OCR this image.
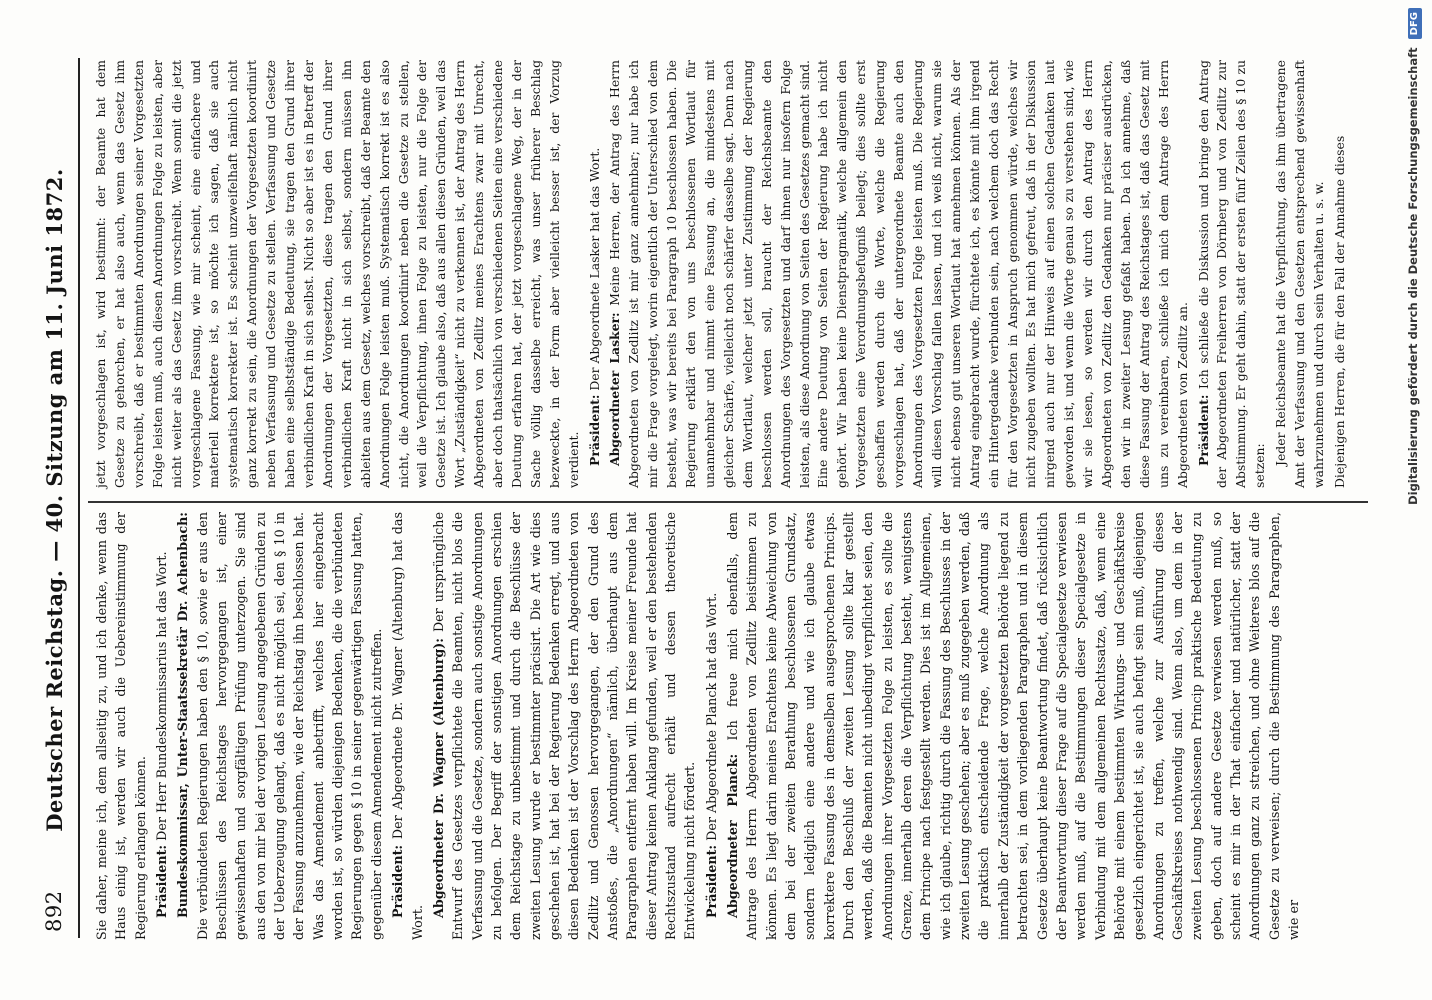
892
Deutscher Reichstag. — 40. Sitzung am 11. Juni 1872. Sie daher, meine ich, dem allseitig zu, und ich denke, wenn das Haus einig ist, werden wir auch die Uebereinstimmung der Regierung erlangen können. Präsident: Der Herr Bundeskommissarius hat das Wort. Bundeskommissar, Unter-Staatssekretär Dr. Achenbach: Die verbündeten Regierungen haben den § 10, sowie er aus den Beschlüssen des Reichstages hervorgegangen ist, einer gewissenhaften und sorgfältigen Prüfung unterzogen. Sie sind aus den von mir bei der vorigen Lesung angegebenen Gründen zu der Ueberzeugung gelangt, daß es nicht möglich sei, den § 10 in der Fassung anzunehmen, wie der Reichstag ihn beschlossen hat. Was das Amendement anbetrifft, welches hier eingebracht worden ist, so würden diejenigen Bedenken, die die verbündeten Regierungen gegen § 10 in seiner gegenwärtigen Fassung hatten, gegenüber diesem Amendement nicht zutreffen. Präsident: Der Abgeordnete Dr. Wagner (Altenburg) hat das Wort.

Abgeordneter Dr. Wagner (Altenburg): Der ursprüngliche Entwurf des Gesetzes verpflichtete die Beamten, nicht blos die Verfassung und die Gesetze, sondern auch sonstige Anordnungen zu befolgen. Der Begriff der sonstigen Anordnungen erschien dem Reichstage zu unbestimmt und durch die Beschlüsse der zweiten Lesung wurde er bestimmter präcisirt. Die Art wie dies geschehen ist, hat bei der Regierung Bedenken erregt, und aus diesen Bedenken ist der Vorschlag des Herrn Abgeordneten von Zedlitz und Genossen hervorgegangen, der den Grund des Anstoßes, die „Anordnungen“ nämlich, überhaupt aus dem Paragraphen entfernt haben will. Im Kreise meiner Freunde hat dieser Antrag keinen Anklang gefunden, weil er den bestehenden Rechtszustand aufrecht erhält und dessen theoretische Entwickelung nicht fördert. Präsident: Der Abgeordnete Planck hat das Wort. Abgeordneter Planck: Ich freue mich ebenfalls, dem Antrage des Herrn Abgeordneten von Zedlitz beistimmen zu können. Es liegt darin meines Erachtens keine Abweichung von dem bei der zweiten Berathung beschlossenen Grundsatz, sondern lediglich eine andere und wie ich glaube etwas korrektere Fassung des in demselben ausgesprochenen Princips. Durch den Beschluß der zweiten Lesung sollte klar gestellt werden, daß die Beamten nicht unbedingt verpflichtet seien, den Anordnungen ihrer Vorgesetzten Folge zu leisten, es sollte die Grenze, innerhalb deren die Verpflichtung besteht, wenigstens dem Principe nach festgestellt werden. Dies ist im Allgemeinen, wie ich glaube, richtig durch die Fassung des Beschlusses in der zweiten Lesung geschehen; aber es muß zugegeben werden, daß die praktisch entscheidende Frage, welche Anordnung als innerhalb der Zuständigkeit der vorgesetzten Behörde liegend zu betrachten sei, in dem vorliegenden Paragraphen und in diesem Gesetze überhaupt keine Beantwortung findet, daß rücksichtlich der Beantwortung dieser Frage auf die Specialgesetze verwiesen werden muß, auf die Bestimmungen dieser Specialgesetze in Verbindung mit dem allgemeinen Rechtssatze, daß, wenn eine Behörde mit einem bestimmten Wirkungs- und Geschäftskreise gesetzlich eingerichtet ist, sie auch befugt sein muß, diejenigen Anordnungen zu treffen, welche zur Ausführung dieses Geschäftskreises nothwendig sind. Wenn also, um dem in der zweiten Lesung beschlossenen Princip praktische Bedeutung zu geben, doch auf andere Gesetze verwiesen werden muß, so scheint es mir in der That einfacher und natürlicher, statt der Anordnungen ganz zu streichen, und ohne Weiteres blos auf die Gesetze zu verweisen; durch die Bestimmung des Paragraphen, wie er

jetzt vorgeschlagen ist, wird bestimmt: der Beamte hat dem Gesetze zu gehorchen, er hat also auch, wenn das Gesetz ihm vorschreibt, daß er bestimmten Anordnungen seiner Vorgesetzten Folge leisten muß, auch diesen Anordnungen Folge zu leisten, aber nicht weiter als das Gesetz ihm vorschreibt. Wenn somit die jetzt vorgeschlagene Fassung, wie mir scheint, eine einfachere und materiell korrektere ist, so möchte ich sagen, daß sie auch systematisch korrekter ist. Es scheint unzweifelhaft nämlich nicht ganz korrekt zu sein, die Anordnungen der Vorgesetzten koordinirt neben Verfassung und Gesetze zu stellen. Verfassung und Gesetze haben eine selbstständige Bedeutung, sie tragen den Grund ihrer verbindlichen Kraft in sich selbst. Nicht so aber ist es in Betreff der Anordnungen der Vorgesetzten, diese tragen den Grund ihrer verbindlichen Kraft nicht in sich selbst, sondern müssen ihn ableiten aus dem Gesetz, welches vorschreibt, daß der Beamte den Anordnungen Folge leisten muß. Systematisch korrekt ist es also nicht, die Anordnungen koordinirt neben die Gesetze zu stellen, weil die Verpflichtung, ihnen Folge zu leisten, nur die Folge der Gesetze ist. Ich glaube also, daß aus allen diesen Gründen, weil das Wort „Zuständigkeit“ nicht zu verkennen ist, der Antrag des Herrn Abgeordneten von Zedlitz meines Erachtens zwar mit Unrecht, aber doch thatsächlich von verschiedenen Seiten eine verschiedene Deutung erfahren hat, der jetzt vorgeschlagene Weg, der in der Sache völlig dasselbe erreicht, was unser früherer Beschlag bezweckte, in der Form aber vielleicht besser ist, der Vorzug verdient. Präsident: Der Abgeordnete Lasker hat das Wort. Abgeordneter Lasker: Meine Herren, der Antrag des Herrn Abgeordneten von Zedlitz ist mir ganz annehmbar; nur habe ich mir die Frage vorgelegt, worin eigentlich der Unterschied von dem besteht, was wir bereits bei Paragraph 10 beschlossen haben. Die Regierung erklärt den von uns beschlossenen Wortlaut für unannehmbar und nimmt eine Fassung an, die mindestens mit gleicher Schärfe, vielleicht noch schärfer dasselbe sagt. Denn nach dem Wortlaut, welcher jetzt unter Zustimmung der Regierung beschlossen werden soll, braucht der Reichsbeamte den Anordnungen des Vorgesetzten und darf ihnen nur insofern Folge leisten, als diese Anordnung von Seiten des Gesetzes gemacht sind. Eine andere Deutung von Seiten der Regierung habe ich nicht gehört. Wir haben keine Dienstpragmatik, welche allgemein den Vorgesetzten eine Verordnungsbefugniß beilegt; dies sollte erst geschaffen werden durch die Worte, welche die Regierung vorgeschlagen hat, daß der untergeordnete Beamte auch den Anordnungen des Vorgesetzten Folge leisten muß. Die Regierung will diesen Vorschlag fallen lassen, und ich weiß nicht, warum sie nicht ebenso gut unseren Wortlaut hat annehmen können. Als der Antrag eingebracht wurde, fürchtete ich, es könnte mit ihm irgend ein Hintergedanke verbunden sein, nach welchem doch das Recht für den Vorgesetzten in Anspruch genommen würde, welches wir nicht zugeben wollten. Es hat mich gefreut, daß in der Diskussion nirgend auch nur der Hinweis auf einen solchen Gedanken laut geworden ist, und wenn die Worte genau so zu verstehen sind, wie wir sie lesen, so werden wir durch den Antrag des Herrn Abgeordneten von Zedlitz den Gedanken nur präciser ausdrücken, den wir in zweiter Lesung gefaßt haben. Da ich annehme, daß diese Fassung der Antrag des Reichstages ist, daß das Gesetz mit uns zu vereinbaren, schließe ich mich dem Antrage des Herrn Abgeordneten von Zedlitz an. Präsident: Ich schließe die Diskussion und bringe den Antrag der Abgeordneten Freiherren von Dörnberg und von Zedlitz zur Abstimmung. Er geht dahin, statt der ersten fünf Zeilen des § 10 zu setzen: Jeder Reichsbeamte hat die Verpflichtung, das ihm übertragene Amt der Verfassung und den Gesetzen entsprechend gewissenhaft wahrzunehmen und durch sein Verhalten u. s. w. Diejenigen Herren, die für den Fall der Annahme dieses	Digitalisierung gefördert durch die Deutsche Forschungsgemeinschaft DFG
